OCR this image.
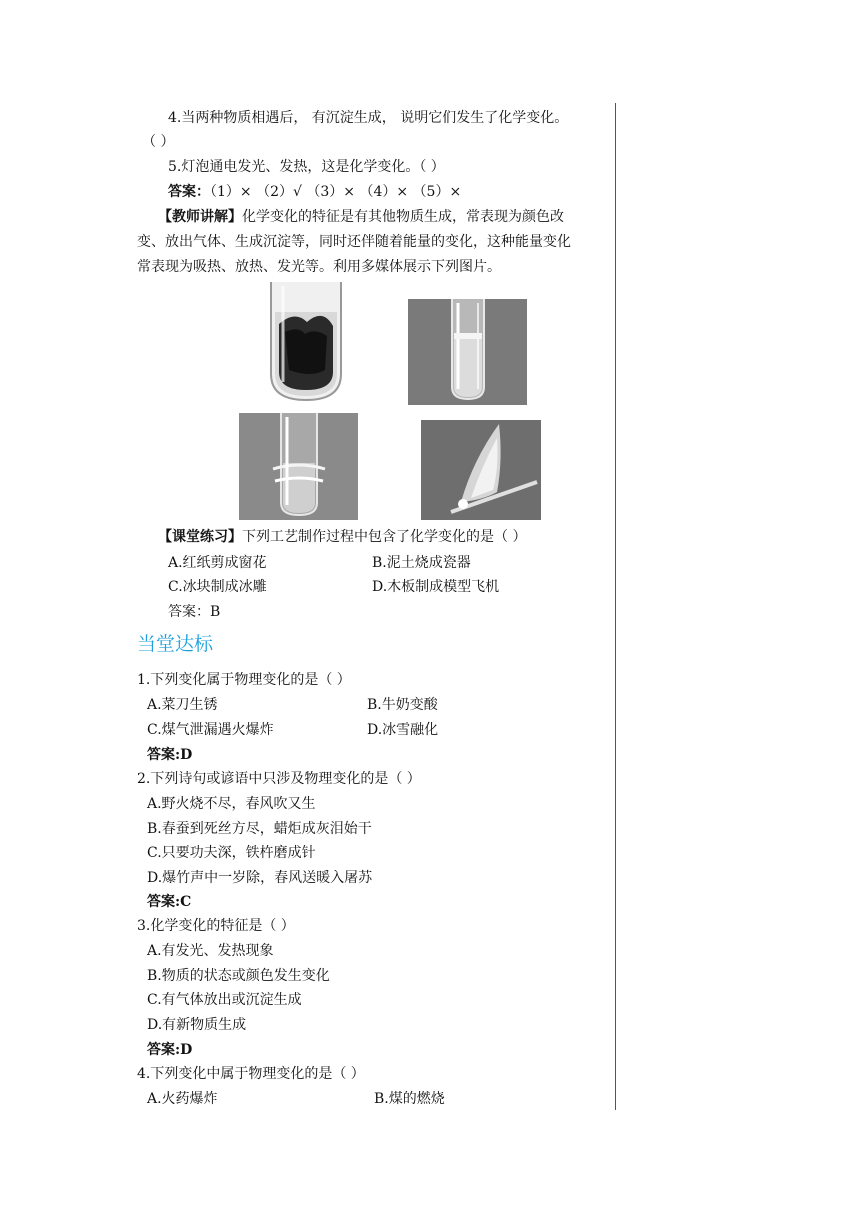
4.当两种物质相遇后， 有沉淀生成， 说明它们发生了化学变化。
（ ）
5.灯泡通电发光、发热，这是化学变化。（ ）
答案：（1）× （2）√ （3）× （4）× （5）×
【教师讲解】化学变化的特征是有其他物质生成，常表现为颜色改
变、放出气体、生成沉淀等，同时还伴随着能量的变化，这种能量变化
常表现为吸热、放热、发光等。利用多媒体展示下列图片。
【课堂练习】下列工艺制作过程中包含了化学变化的是（ ）
A.红纸剪成窗花	B.泥土烧成瓷器
C.冰块制成冰雕	D.木板制成模型飞机
答案：B
当堂达标
1.下列变化属于物理变化的是（ ）
A.菜刀生锈	B.牛奶变酸
C.煤气泄漏遇火爆炸	D.冰雪融化
答案:D
2.下列诗句或谚语中只涉及物理变化的是（ ）
A.野火烧不尽，春风吹又生
B.春蚕到死丝方尽，蜡炬成灰泪始干
C.只要功夫深，铁杵磨成针
D.爆竹声中一岁除，春风送暖入屠苏
答案:C
3.化学变化的特征是（ ）
A.有发光、发热现象
B.物质的状态或颜色发生变化
C.有气体放出或沉淀生成
D.有新物质生成
答案:D
4.下列变化中属于物理变化的是（ ）
A.火药爆炸	B.煤的燃烧
